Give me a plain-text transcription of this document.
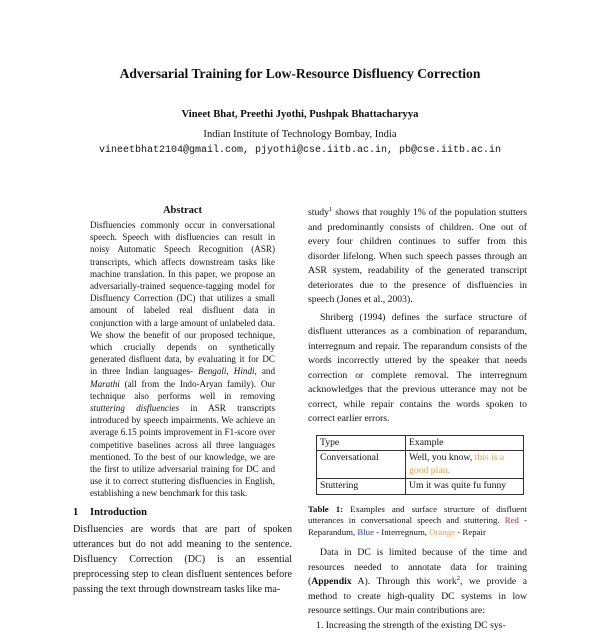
Adversarial Training for Low-Resource Disfluency Correction
Vineet Bhat, Preethi Jyothi, Pushpak Bhattacharyya
Indian Institute of Technology Bombay, India
vineetbhat2104@gmail.com, pjyothi@cse.iitb.ac.in, pb@cse.iitb.ac.in
Abstract
Disfluencies commonly occur in conversational speech. Speech with disfluencies can result in noisy Automatic Speech Recognition (ASR) transcripts, which affects downstream tasks like machine translation. In this paper, we propose an adversarially-trained sequence-tagging model for Disfluency Correction (DC) that utilizes a small amount of labeled real disfluent data in conjunction with a large amount of unlabeled data. We show the benefit of our proposed technique, which crucially depends on synthetically generated disfluent data, by evaluating it for DC in three Indian languages- Bengali, Hindi, and Marathi (all from the Indo-Aryan family). Our technique also performs well in removing stuttering disfluencies in ASR transcripts introduced by speech impairments. We achieve an average 6.15 points improvement in F1-score over competitive baselines across all three languages mentioned. To the best of our knowledge, we are the first to utilize adversarial training for DC and use it to correct stuttering disfluencies in English, establishing a new benchmark for this task.
1 Introduction
Disfluencies are words that are part of spoken utterances but do not add meaning to the sentence. Disfluency Correction (DC) is an essential preprocessing step to clean disfluent sentences before passing the text through downstream tasks like ma-
study$^1$ shows that roughly 1% of the population stutters and predominantly consists of children. One out of every four children continues to suffer from this disorder lifelong. When such speech passes through an ASR system, readability of the generated transcript deteriorates due to the presence of disfluencies in speech (Jones et al., 2003).
Shriberg (1994) defines the surface structure of disfluent utterances as a combination of reparandum, interregnum and repair. The reparandum consists of the words incorrectly uttered by the speaker that needs correction or complete removal. The interregnum acknowledges that the previous utterance may not be correct, while repair contains the words spoken to correct earlier errors.
Type	Example
Conversational	Well, you know, this is a good plan.
Stuttering	Um it was quite fu funny
Table 1: Examples and surface structure of disfluent utterances in conversational speech and stuttering. Red - Reparandum, Blue - Interregnum, Orange - Repair
Data in DC is limited because of the time and resources needed to annotate data for training (Appendix A). Through this work$^2$, we provide a method to create high-quality DC systems in low resource settings. Our main contributions are:
1. Increasing the strength of the existing DC sys-
